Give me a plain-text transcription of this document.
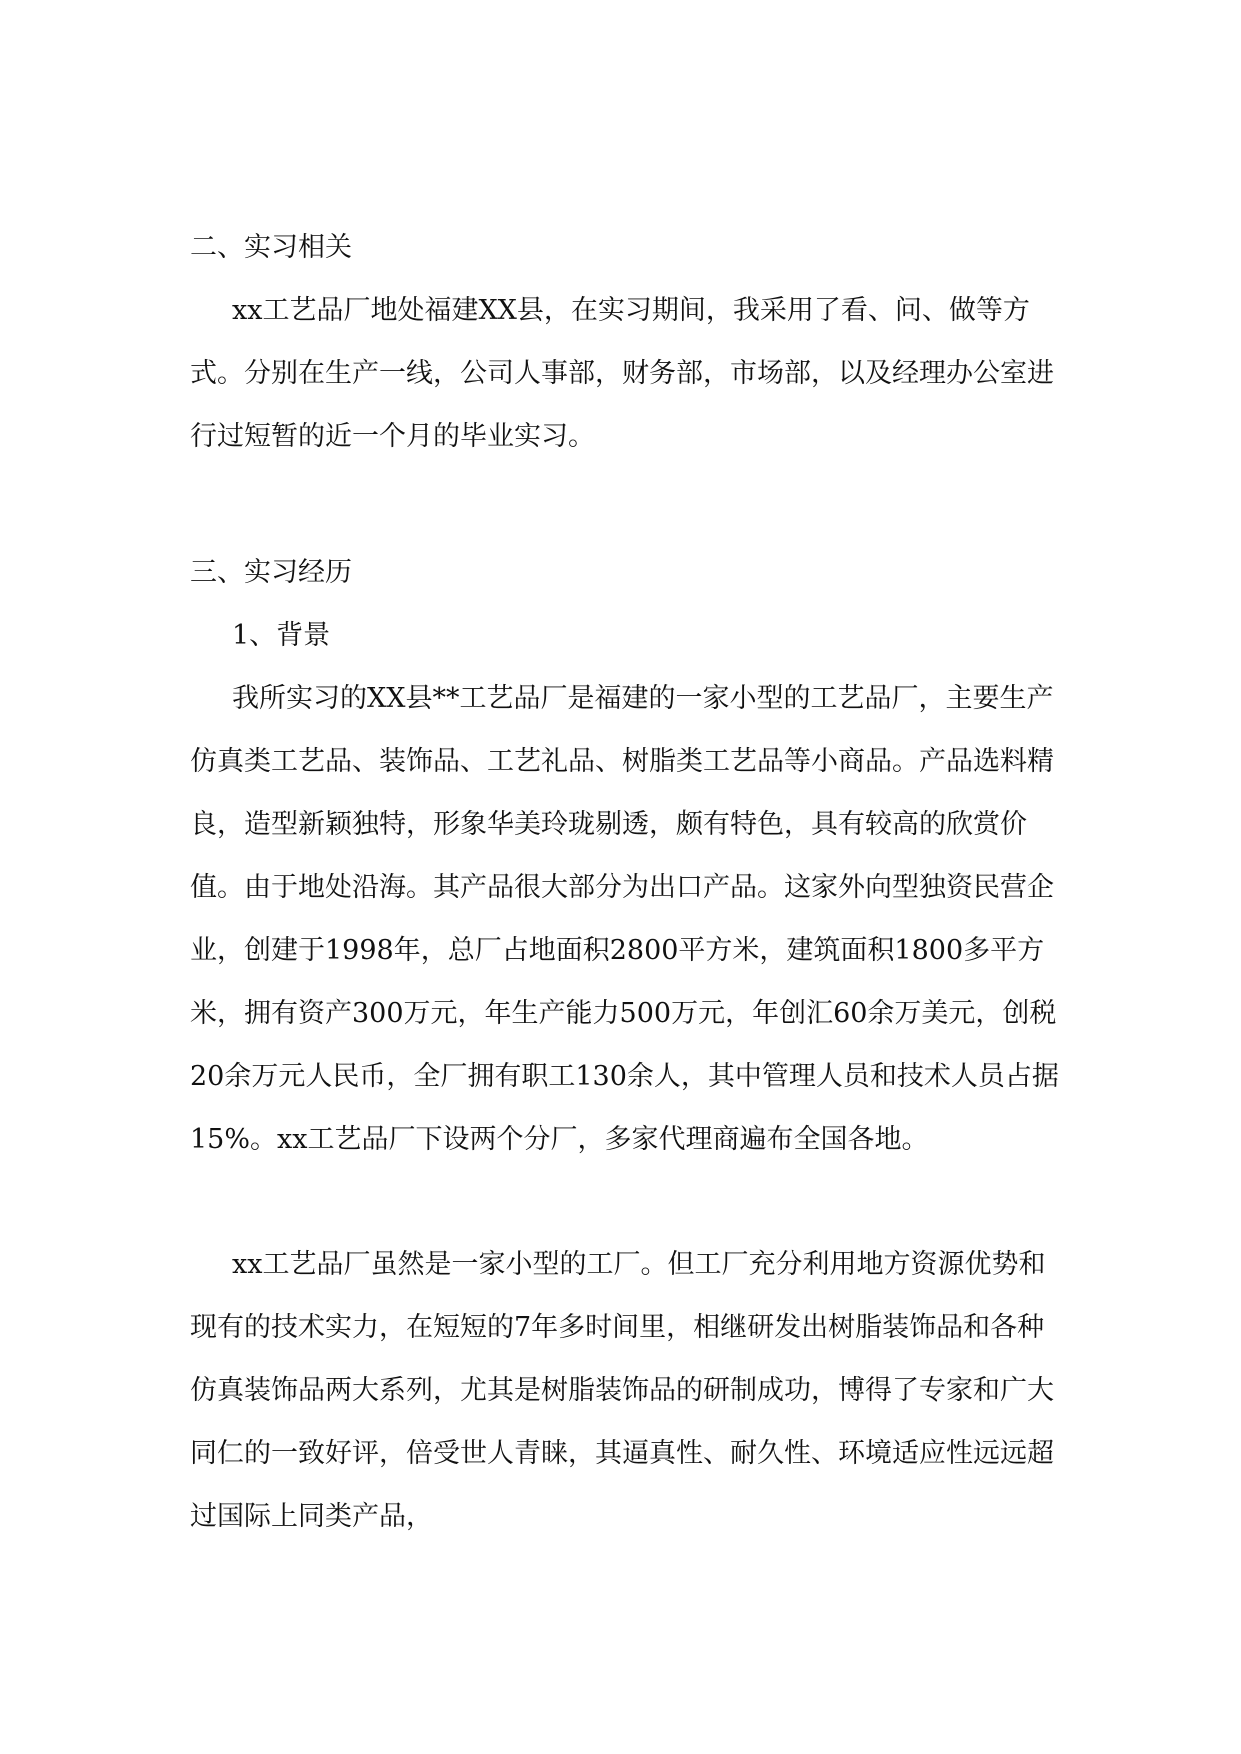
二、实习相关

xx工艺品厂地处福建XX县，在实习期间，我采用了看、问、做等方式。分别在生产一线，公司人事部，财务部，市场部，以及经理办公室进行过短暂的近一个月的毕业实习。

三、实习经历

1、背景

我所实习的XX县**工艺品厂是福建的一家小型的工艺品厂，主要生产仿真类工艺品、装饰品、工艺礼品、树脂类工艺品等小商品。产品选料精良，造型新颖独特，形象华美玲珑剔透，颇有特色，具有较高的欣赏价值。由于地处沿海。其产品很大部分为出口产品。这家外向型独资民营企业，创建于1998年，总厂占地面积2800平方米，建筑面积1800多平方米，拥有资产300万元，年生产能力500万元，年创汇60余万美元，创税20余万元人民币，全厂拥有职工130余人，其中管理人员和技术人员占据15%。xx工艺品厂下设两个分厂，多家代理商遍布全国各地。

xx工艺品厂虽然是一家小型的工厂。但工厂充分利用地方资源优势和现有的技术实力，在短短的7年多时间里，相继研发出树脂装饰品和各种仿真装饰品两大系列，尤其是树脂装饰品的研制成功，博得了专家和广大同仁的一致好评，倍受世人青睐，其逼真性、耐久性、环境适应性远远超过国际上同类产品，
